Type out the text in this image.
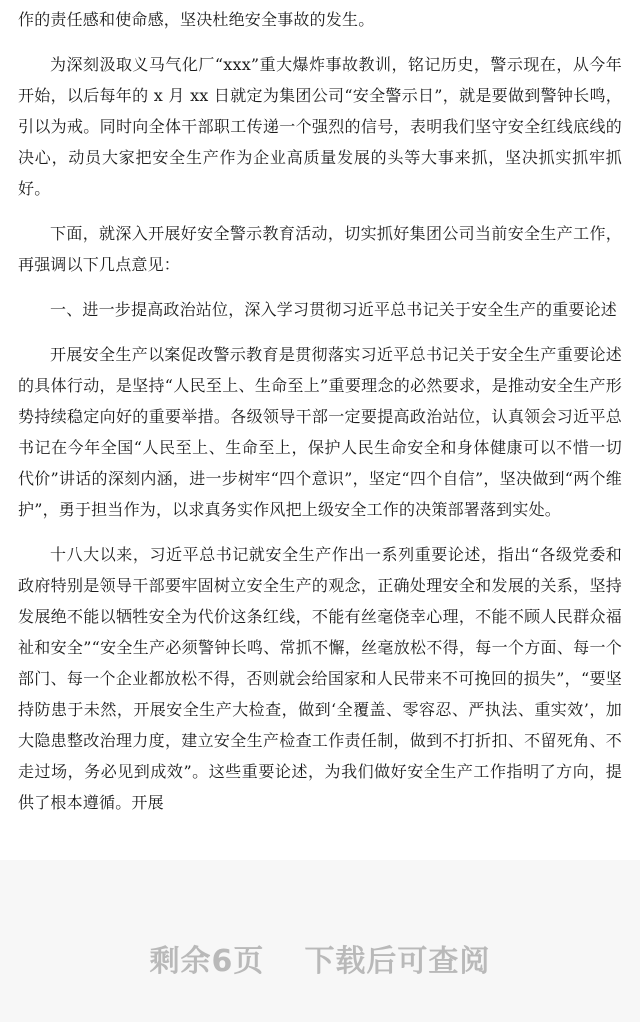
作的责任感和使命感，坚决杜绝安全事故的发生。

为深刻汲取义马气化厂“xxx”重大爆炸事故教训，铭记历史，警示现在，从今年开始，以后每年的 x 月 xx 日就定为集团公司“安全警示日”，就是要做到警钟长鸣，引以为戒。同时向全体干部职工传递一个强烈的信号，表明我们坚守安全红线底线的决心，动员大家把安全生产作为企业高质量发展的头等大事来抓，坚决抓实抓牢抓好。

下面，就深入开展好安全警示教育活动，切实抓好集团公司当前安全生产工作，再强调以下几点意见：

一、进一步提高政治站位，深入学习贯彻习近平总书记关于安全生产的重要论述

开展安全生产以案促改警示教育是贯彻落实习近平总书记关于安全生产重要论述的具体行动，是坚持“人民至上、生命至上”重要理念的必然要求，是推动安全生产形势持续稳定向好的重要举措。各级领导干部一定要提高政治站位，认真领会习近平总书记在今年全国“人民至上、生命至上，保护人民生命安全和身体健康可以不惜一切代价”讲话的深刻内涵，进一步树牢“四个意识”，坚定“四个自信”，坚决做到“两个维护”，勇于担当作为，以求真务实作风把上级安全工作的决策部署落到实处。

十八大以来，习近平总书记就安全生产作出一系列重要论述，指出“各级党委和政府特别是领导干部要牢固树立安全生产的观念，正确处理安全和发展的关系，坚持发展绝不能以牺牲安全为代价这条红线，不能有丝毫侥幸心理，不能不顾人民群众福祉和安全”“安全生产必须警钟长鸣、常抓不懈，丝毫放松不得，每一个方面、每一个部门、每一个企业都放松不得，否则就会给国家和人民带来不可挽回的损失”，“要坚持防患于未然，开展安全生产大检查，做到‘全覆盖、零容忍、严执法、重实效’，加大隐患整改治理力度，建立安全生产检查工作责任制，做到不打折扣、不留死角、不走过场，务必见到成效”。这些重要论述，为我们做好安全生产工作指明了方向，提供了根本遵循。开展

剩余6页 下载后可查阅
